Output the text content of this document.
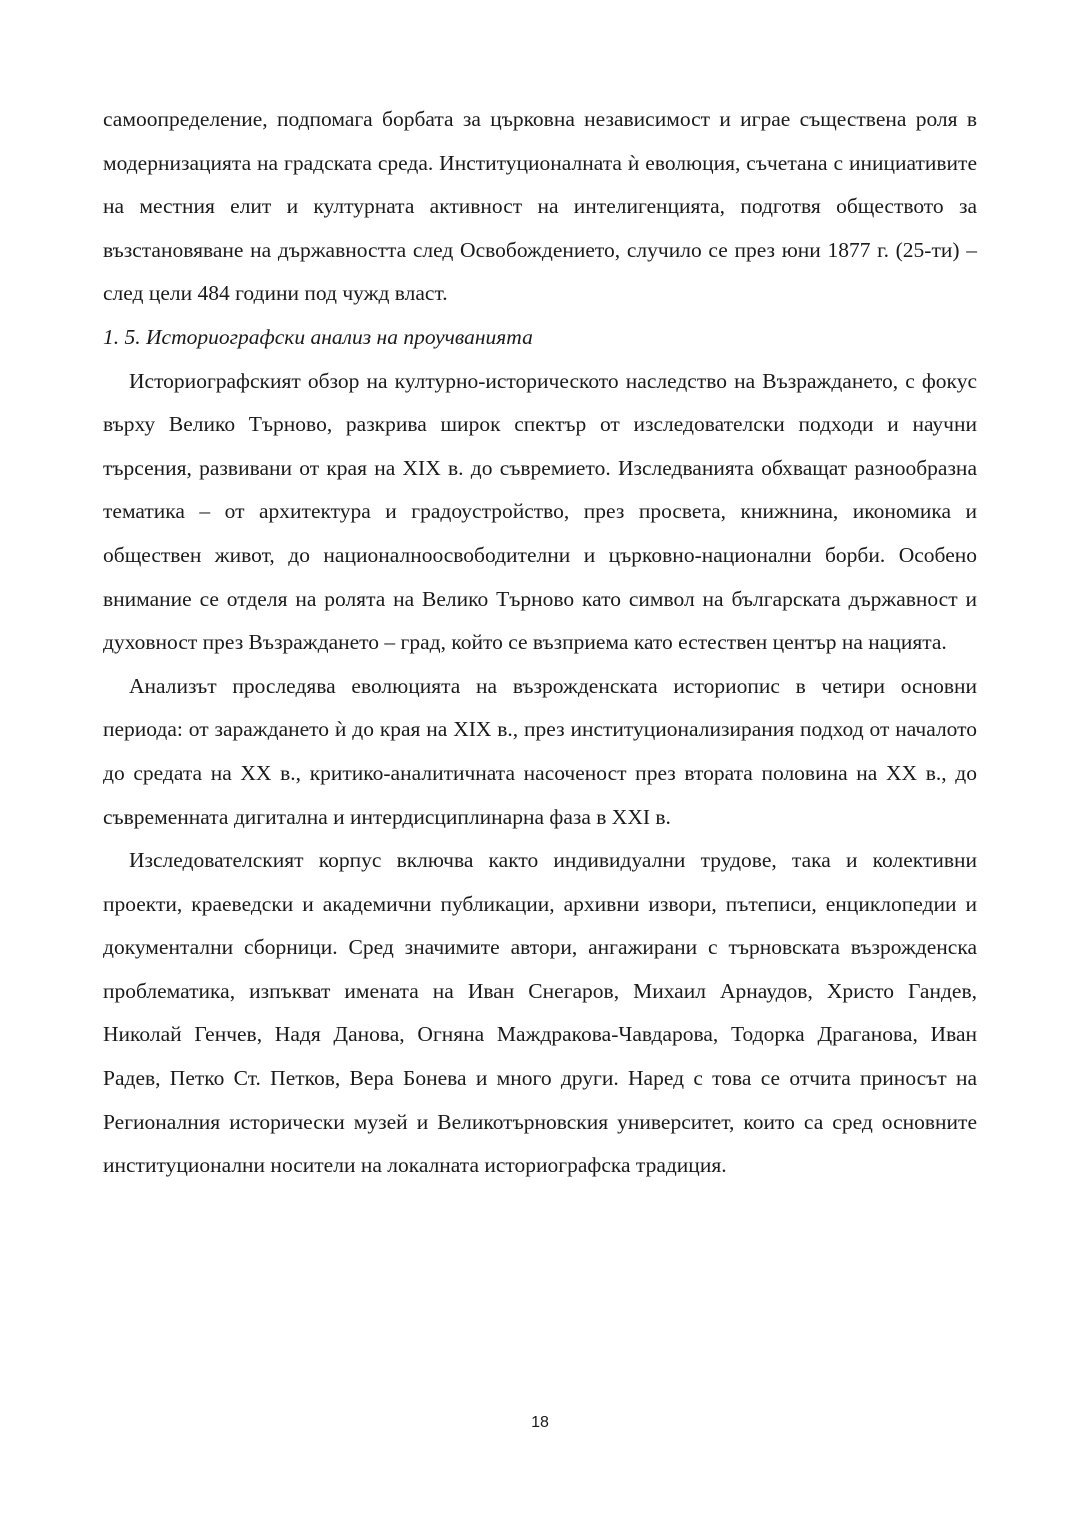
самоопределение, подпомага борбата за църковна независимост и играе съществена роля в модернизацията на градската среда. Институционалната ѝ еволюция, съчетана с инициативите на местния елит и културната активност на интелигенцията, подготвя обществото за възстановяване на държавността след Освобождението, случило се през юни 1877 г. (25-ти) – след цели 484 години под чужд власт.

1. 5. Историографски анализ на проучванията

Историографският обзор на културно-историческото наследство на Възраждането, с фокус върху Велико Търново, разкрива широк спектър от изследователски подходи и научни търсения, развивани от края на XIX в. до съвремието. Изследванията обхващат разнообразна тематика – от архитектура и градоустройство, през просвета, книжнина, икономика и обществен живот, до националноосвободителни и църковно-национални борби. Особено внимание се отделя на ролята на Велико Търново като символ на българската държавност и духовност през Възраждането – град, който се възприема като естествен център на нацията.

Анализът проследява еволюцията на възрожденската историопис в четири основни периода: от зараждането ѝ до края на XIX в., през институционализирания подход от началото до средата на XX в., критико-аналитичната насоченост през втората половина на XX в., до съвременната дигитална и интердисциплинарна фаза в XXI в.

Изследователският корпус включва както индивидуални трудове, така и колективни проекти, краеведски и академични публикации, архивни извори, пътеписи, енциклопедии и документални сборници. Сред значимите автори, ангажирани с търновската възрожденска проблематика, изпъкват имената на Иван Снегаров, Михаил Арнаудов, Христо Гандев, Николай Генчев, Надя Данова, Огняна Маждракова-Чавдарова, Тодорка Драганова, Иван Радев, Петко Ст. Петков, Вера Бонева и много други. Наред с това се отчита приносът на Регионалния исторически музей и Великотърновския университет, които са сред основните институционални носители на локалната историографска традиция.

18
